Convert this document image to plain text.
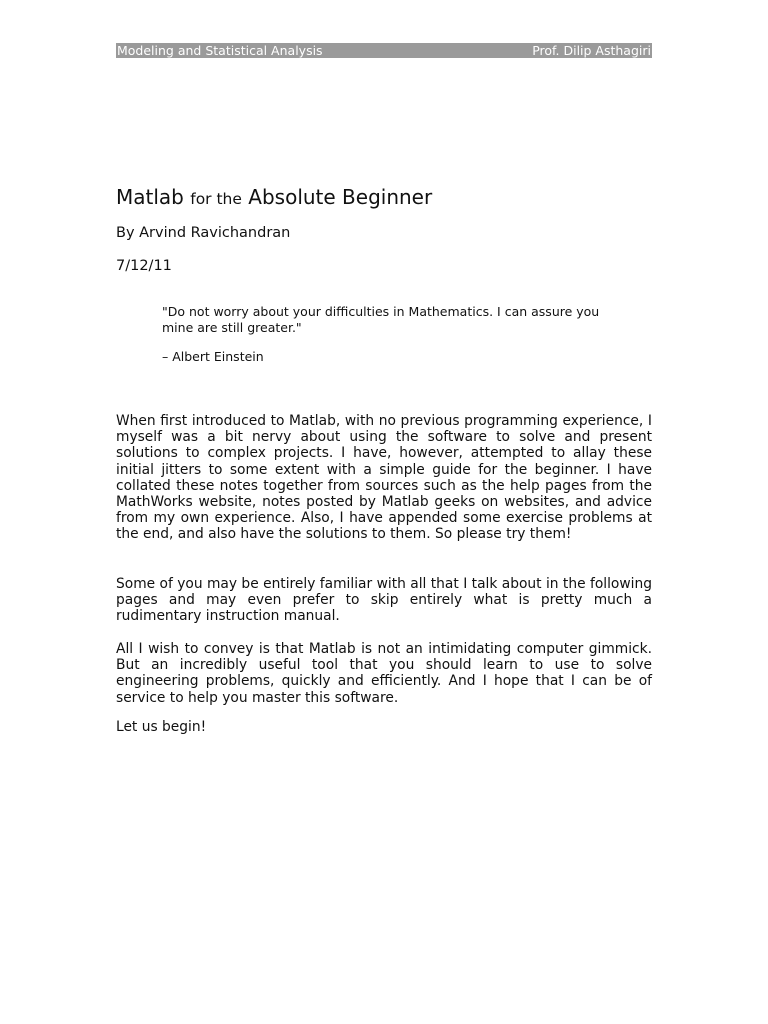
Modeling and Statistical Analysis	Prof. Dilip Asthagiri
Matlab for the Absolute Beginner
By Arvind Ravichandran
7/12/11
"Do not worry about your difficulties in Mathematics. I can assure you mine are still greater."
– Albert Einstein

When first introduced to Matlab, with no previous programming experience, I myself was a bit nervy about using the software to solve and present solutions to complex projects. I have, however, attempted to allay these initial jitters to some extent with a simple guide for the beginner. I have collated these notes together from sources such as the help pages from the MathWorks website, notes posted by Matlab geeks on websites, and advice from my own experience. Also, I have appended some exercise problems at the end, and also have the solutions to them. So please try them!

Some of you may be entirely familiar with all that I talk about in the following pages and may even prefer to skip entirely what is pretty much a rudimentary instruction manual.

All I wish to convey is that Matlab is not an intimidating computer gimmick. But an incredibly useful tool that you should learn to use to solve engineering problems, quickly and efficiently. And I hope that I can be of service to help you master this software.

Let us begin!
